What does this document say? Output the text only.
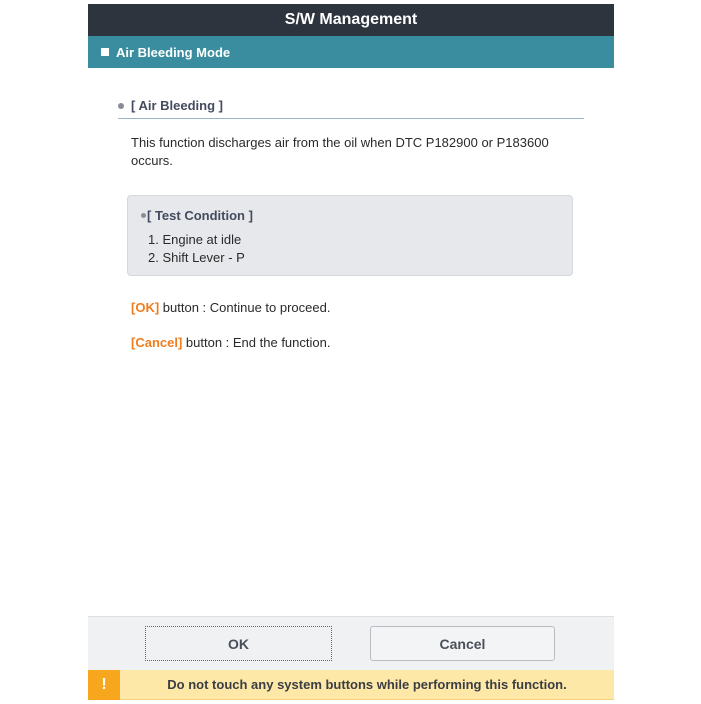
S/W Management
Air Bleeding Mode
[ Air Bleeding ]
This function discharges air from the oil when DTC P182900 or P183600 occurs.
[ Test Condition ]
1. Engine at idle
2. Shift Lever - P
[OK] button : Continue to proceed.
[Cancel] button : End the function.
OK	Cancel
!	Do not touch any system buttons while performing this function.
